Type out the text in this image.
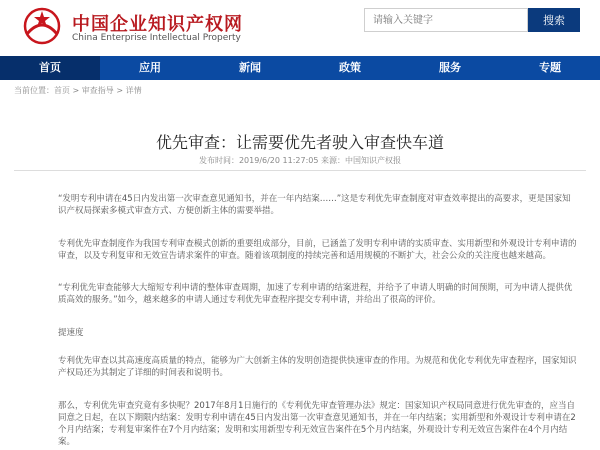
中国企业知识产权网
China Enterprise Intellectual Property
请输入关键字
搜索
首页	应用	新闻	政策	服务	专题
当前位置：首页 > 审查指导 > 详情
优先审查：让需要优先者驶入审查快车道
发布时间：2019/6/20 11:27:05 来源：中国知识产权报

“发明专利申请在45日内发出第一次审查意见通知书，并在一年内结案……”这是专利优先审查制度对审查效率提出的高要求，更是国家知识产权局探索多模式审查方式、方便创新主体的需要举措。

专利优先审查制度作为我国专利审查模式创新的重要组成部分，目前，已涵盖了发明专利申请的实质审查、实用新型和外观设计专利申请的审查，以及专利复审和无效宣告请求案件的审查。随着该项制度的持续完善和适用规模的不断扩大，社会公众的关注度也越来越高。

“专利优先审查能够大大缩短专利申请的整体审查周期，加速了专利申请的结案进程，并给予了申请人明确的时间预期，可为申请人提供优质高效的服务。”如今，越来越多的申请人通过专利优先审查程序提交专利申请，并给出了很高的评价。

提速度

专利优先审查以其高速度高质量的特点，能够为广大创新主体的发明创造提供快速审查的作用。为规范和优化专利优先审查程序，国家知识产权局还为其制定了详细的时间表和说明书。

那么，专利优先审查究竟有多快呢？2017年8月1日施行的《专利优先审查管理办法》规定：国家知识产权局同意进行优先审查的，应当自同意之日起，在以下期限内结案：发明专利申请在45日内发出第一次审查意见通知书，并在一年内结案；实用新型和外观设计专利申请在2个月内结案；专利复审案件在7个月内结案；发明和实用新型专利无效宣告案件在5个月内结案，外观设计专利无效宣告案件在4个月内结案。
